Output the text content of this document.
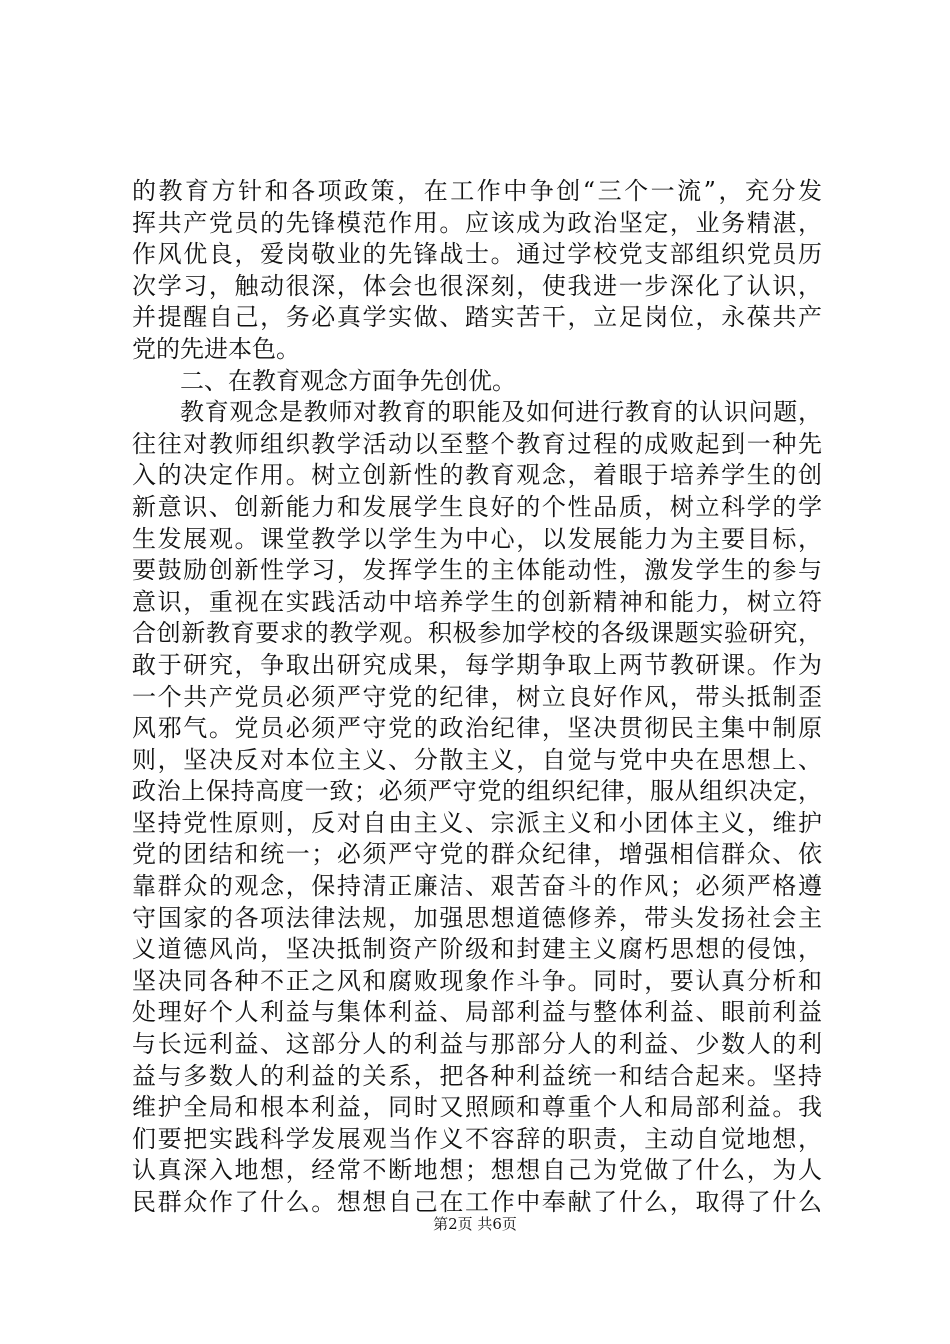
的教育方针和各项政策，在工作中争创“三个一流”，充分发
挥共产党员的先锋模范作用。应该成为政治坚定，业务精湛，
作风优良，爱岗敬业的先锋战士。通过学校党支部组织党员历
次学习，触动很深，体会也很深刻，使我进一步深化了认识，
并提醒自己，务必真学实做、踏实苦干，立足岗位，永葆共产
党的先进本色。
二、在教育观念方面争先创优。
教育观念是教师对教育的职能及如何进行教育的认识问题，
往往对教师组织教学活动以至整个教育过程的成败起到一种先
入的决定作用。树立创新性的教育观念，着眼于培养学生的创
新意识、创新能力和发展学生良好的个性品质，树立科学的学
生发展观。课堂教学以学生为中心，以发展能力为主要目标，
要鼓励创新性学习，发挥学生的主体能动性，激发学生的参与
意识，重视在实践活动中培养学生的创新精神和能力，树立符
合创新教育要求的教学观。积极参加学校的各级课题实验研究，
敢于研究，争取出研究成果，每学期争取上两节教研课。作为
一个共产党员必须严守党的纪律，树立良好作风，带头抵制歪
风邪气。党员必须严守党的政治纪律，坚决贯彻民主集中制原
则，坚决反对本位主义、分散主义，自觉与党中央在思想上、
政治上保持高度一致；必须严守党的组织纪律，服从组织决定，
坚持党性原则，反对自由主义、宗派主义和小团体主义，维护
党的团结和统一；必须严守党的群众纪律，增强相信群众、依
靠群众的观念，保持清正廉洁、艰苦奋斗的作风；必须严格遵
守国家的各项法律法规，加强思想道德修养，带头发扬社会主
义道德风尚，坚决抵制资产阶级和封建主义腐朽思想的侵蚀，
坚决同各种不正之风和腐败现象作斗争。同时，要认真分析和
处理好个人利益与集体利益、局部利益与整体利益、眼前利益
与长远利益、这部分人的利益与那部分人的利益、少数人的利
益与多数人的利益的关系，把各种利益统一和结合起来。坚持
维护全局和根本利益，同时又照顾和尊重个人和局部利益。我
们要把实践科学发展观当作义不容辞的职责，主动自觉地想，
认真深入地想，经常不断地想；想想自己为党做了什么，为人
民群众作了什么。想想自己在工作中奉献了什么，取得了什么
第2页 共6页
